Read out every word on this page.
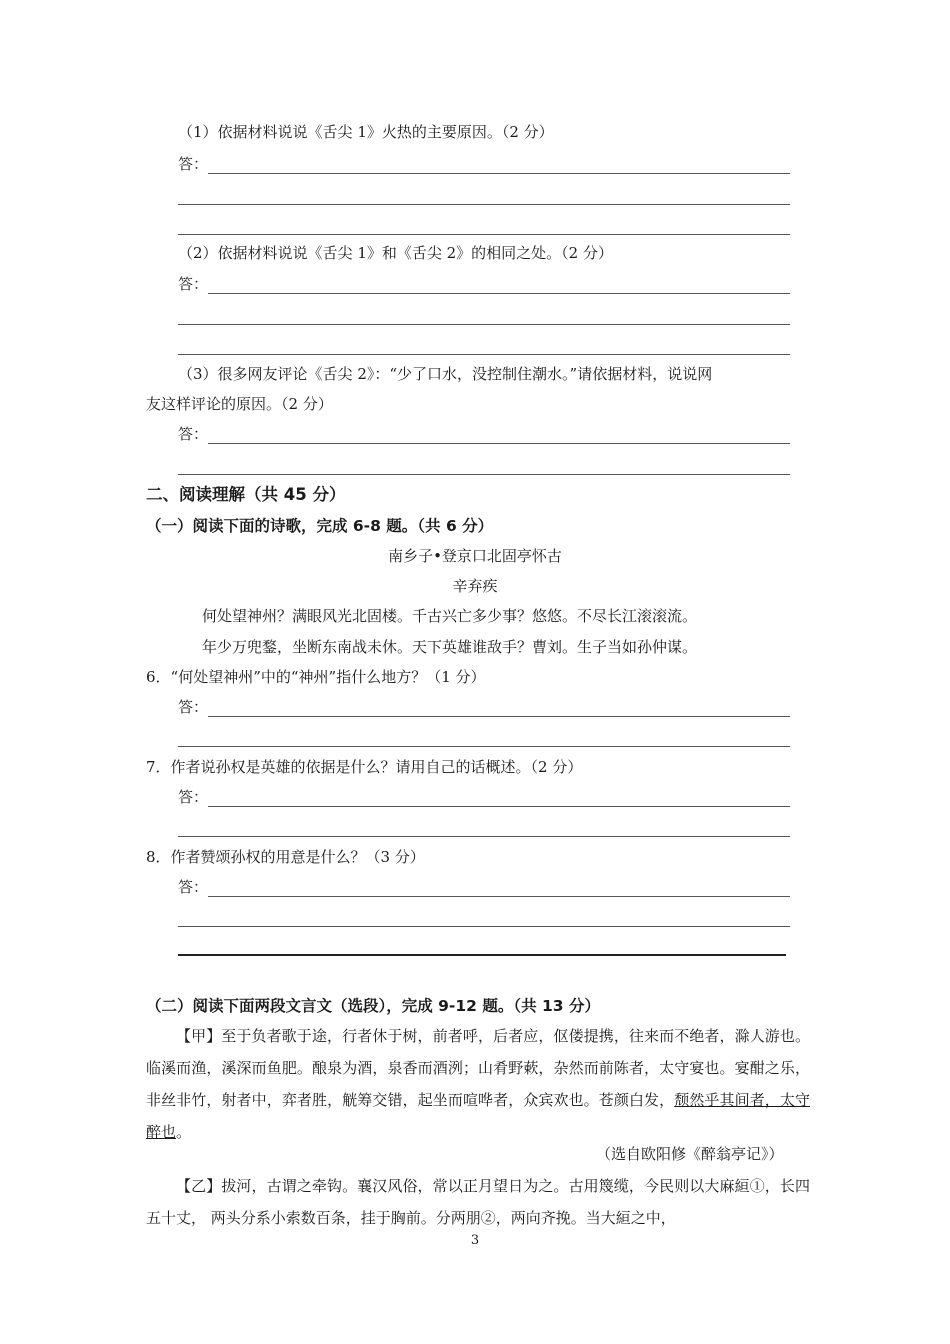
（1）依据材料说说《舌尖 1》火热的主要原因。（2 分）
答：
（2）依据材料说说《舌尖 1》和《舌尖 2》的相同之处。（2 分）
答：
（3）很多网友评论《舌尖 2》：“少了口水，没控制住潮水。”请依据材料，说说网
友这样评论的原因。（2 分）
答：
二、阅读理解（共 45 分）
（一）阅读下面的诗歌，完成 6-8 题。（共 6 分）
南乡子•登京口北固亭怀古
辛弃疾
何处望神州？满眼风光北固楼。千古兴亡多少事？悠悠。不尽长江滚滚流。
年少万兜鍪，坐断东南战未休。天下英雄谁敌手？曹刘。生子当如孙仲谋。
6．“何处望神州”中的“神州”指什么地方？（1 分）
答：
7．作者说孙权是英雄的依据是什么？请用自己的话概述。（2 分）
答：
8．作者赞颂孙权的用意是什么？（3 分）
答：
（二）阅读下面两段文言文（选段），完成 9-12 题。（共 13 分）
【甲】至于负者歌于途，行者休于树，前者呼，后者应，伛偻提携，往来而不绝者，滁人游也。临溪而渔，溪深而鱼肥。酿泉为酒，泉香而酒洌；山肴野蔌，杂然而前陈者，太守宴也。宴酣之乐，非丝非竹，射者中，弈者胜，觥筹交错，起坐而喧哗者，众宾欢也。苍颜白发，颓然乎其间者，太守醉也。
（选自欧阳修《醉翁亭记》）
【乙】拔河，古谓之牵钩。襄汉风俗，常以正月望日为之。古用篾缆，今民则以大麻絙①，长四五十丈， 两头分系小索数百条，挂于胸前。分两朋②，两向齐挽。当大絙之中，
3
